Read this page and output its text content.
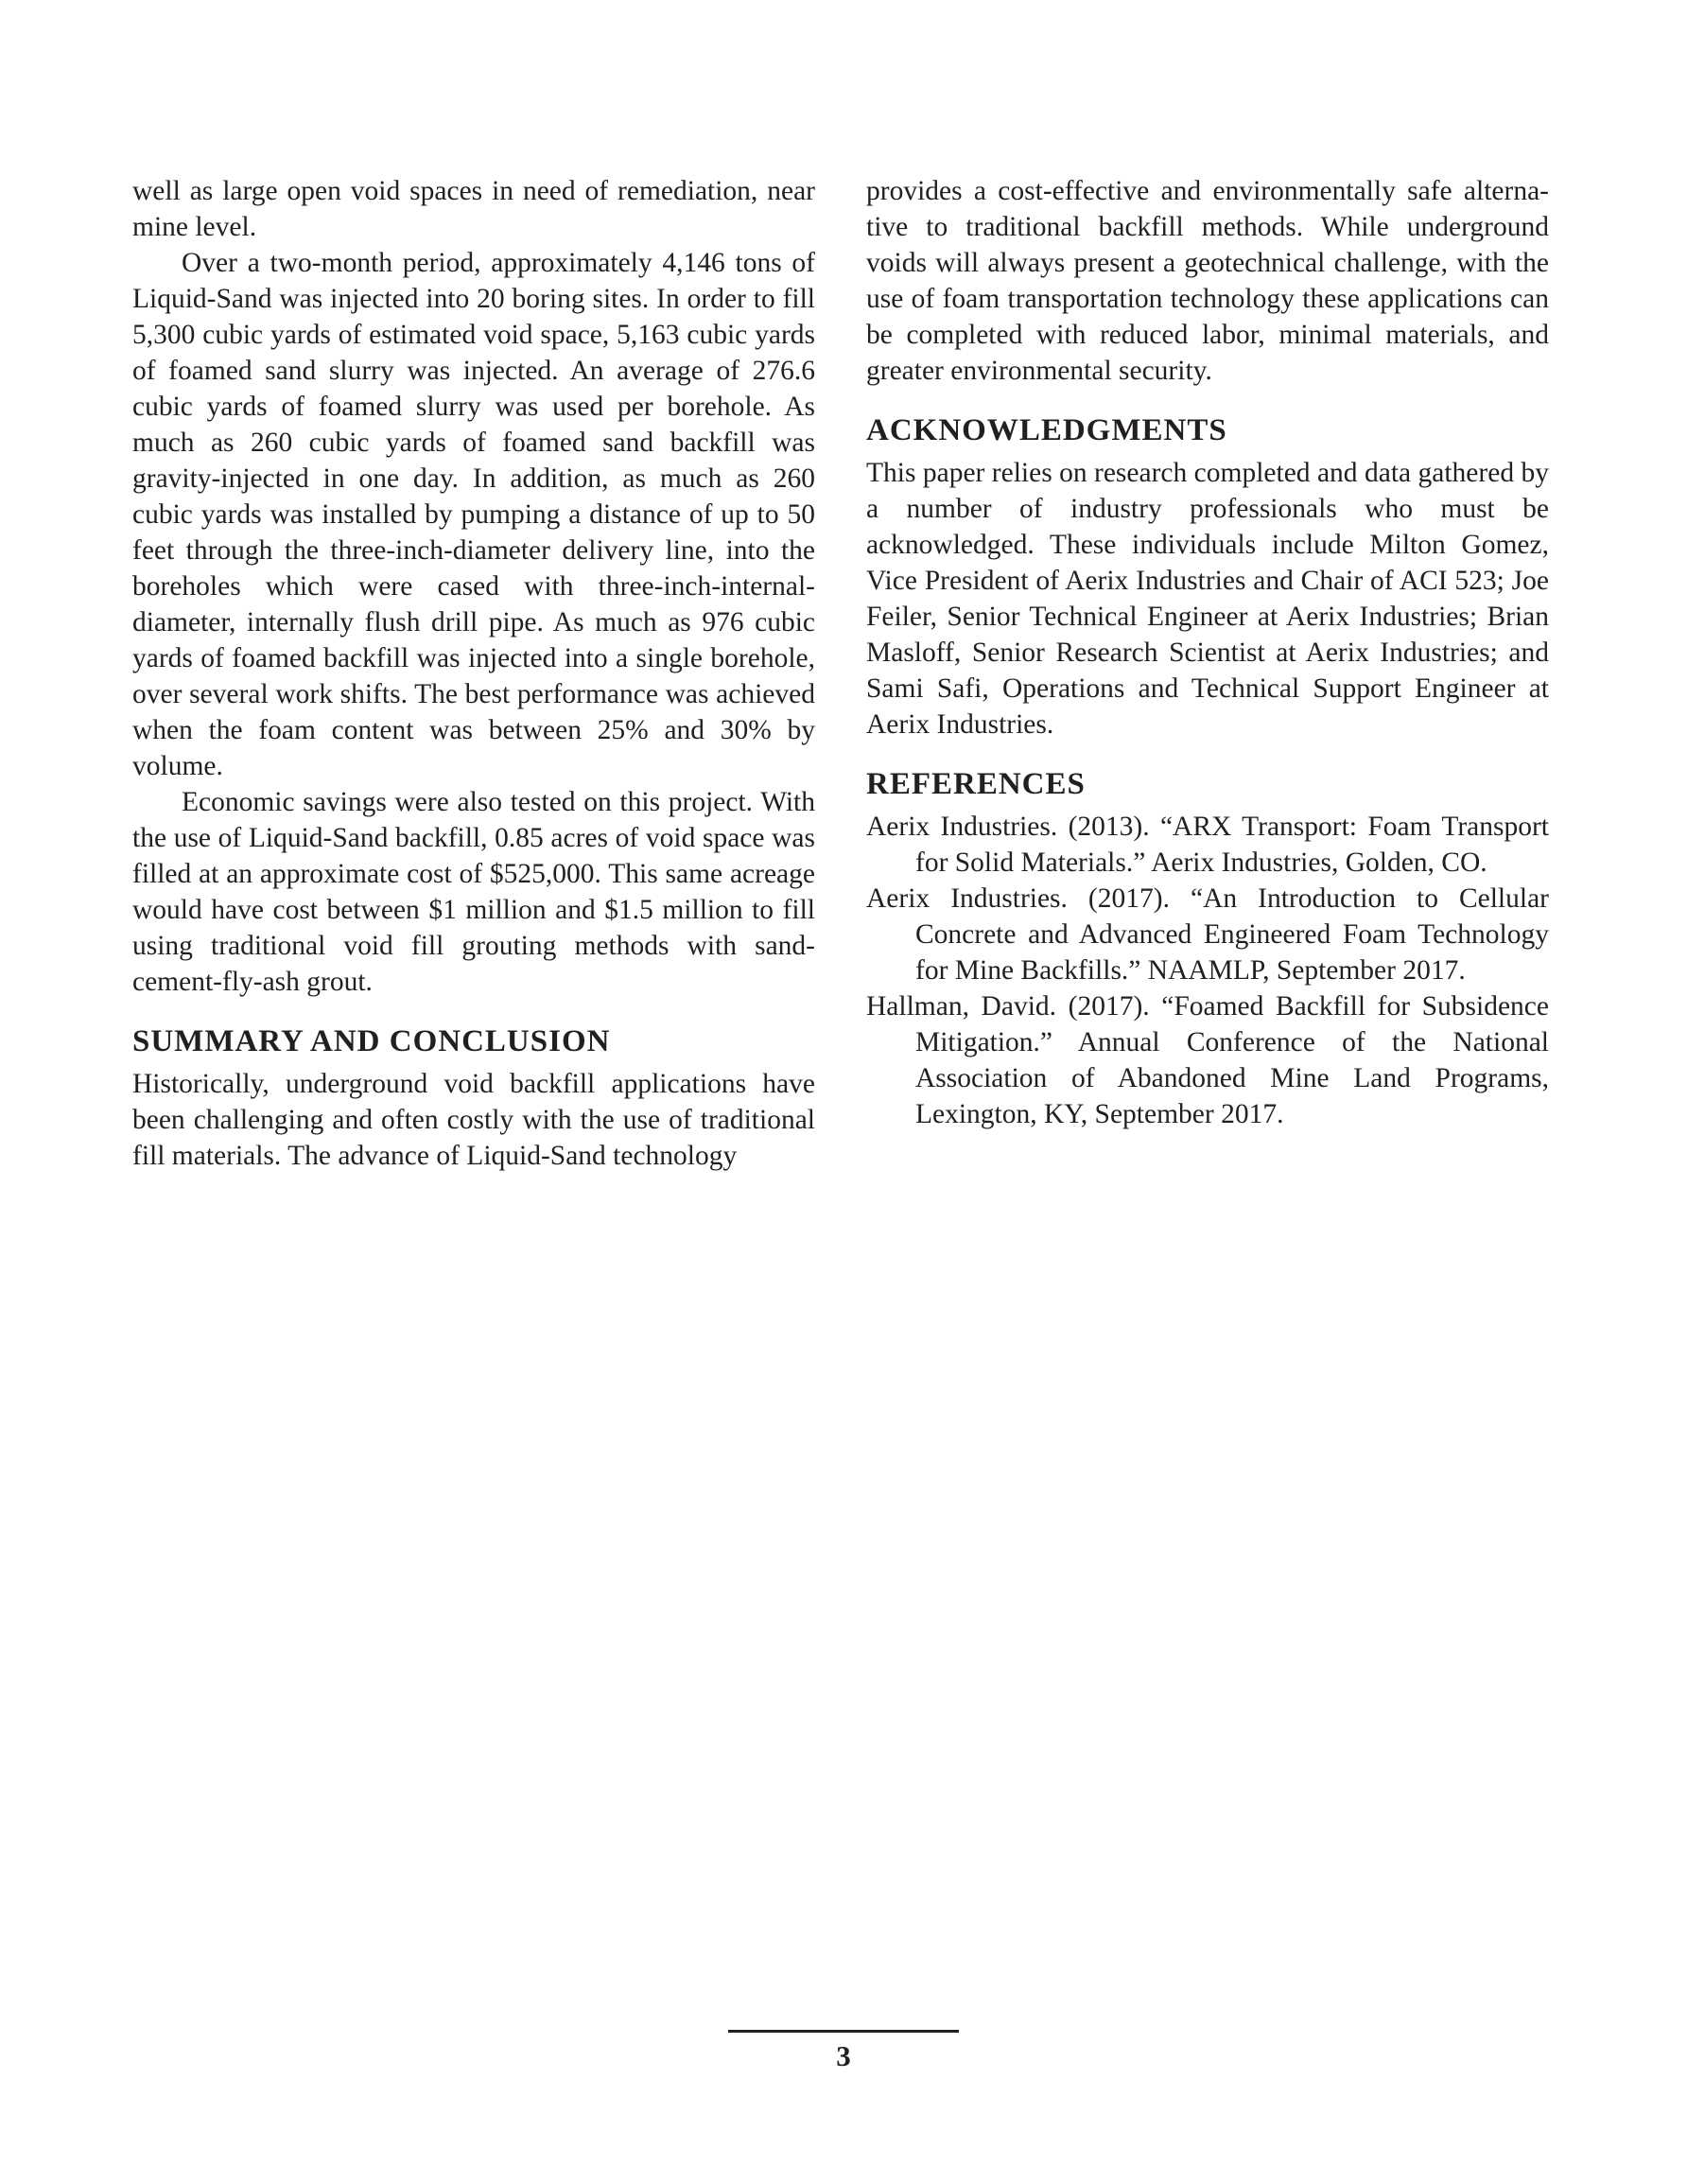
well as large open void spaces in need of remediation, near mine level.

Over a two-month period, approximately 4,146 tons of Liquid-Sand was injected into 20 boring sites. In order to fill 5,300 cubic yards of estimated void space, 5,163 cubic yards of foamed sand slurry was injected. An average of 276.6 cubic yards of foamed slurry was used per borehole. As much as 260 cubic yards of foamed sand backfill was gravity-injected in one day. In addition, as much as 260 cubic yards was installed by pumping a distance of up to 50 feet through the three-inch-diameter delivery line, into the boreholes which were cased with three-inch-internal-diameter, internally flush drill pipe. As much as 976 cubic yards of foamed backfill was injected into a single borehole, over several work shifts. The best performance was achieved when the foam content was between 25% and 30% by volume.

Economic savings were also tested on this project. With the use of Liquid-Sand backfill, 0.85 acres of void space was filled at an approximate cost of $525,000. This same acreage would have cost between $1 million and $1.5 million to fill using traditional void fill grouting methods with sand-cement-fly-ash grout.

SUMMARY AND CONCLUSION

Historically, underground void backfill applications have been challenging and often costly with the use of traditional fill materials. The advance of Liquid-Sand technology

provides a cost-effective and environmentally safe alternative to traditional backfill methods. While underground voids will always present a geotechnical challenge, with the use of foam transportation technology these applications can be completed with reduced labor, minimal materials, and greater environmental security.

ACKNOWLEDGMENTS

This paper relies on research completed and data gathered by a number of industry professionals who must be acknowledged. These individuals include Milton Gomez, Vice President of Aerix Industries and Chair of ACI 523; Joe Feiler, Senior Technical Engineer at Aerix Industries; Brian Masloff, Senior Research Scientist at Aerix Industries; and Sami Safi, Operations and Technical Support Engineer at Aerix Industries.

REFERENCES
Aerix Industries. (2013). “ARX Transport: Foam Transport for Solid Materials.” Aerix Industries, Golden, CO.
Aerix Industries. (2017). “An Introduction to Cellular Concrete and Advanced Engineered Foam Technology for Mine Backfills.” NAAMLP, September 2017.
Hallman, David. (2017). “Foamed Backfill for Subsidence Mitigation.” Annual Conference of the National Association of Abandoned Mine Land Programs, Lexington, KY, September 2017.
3
